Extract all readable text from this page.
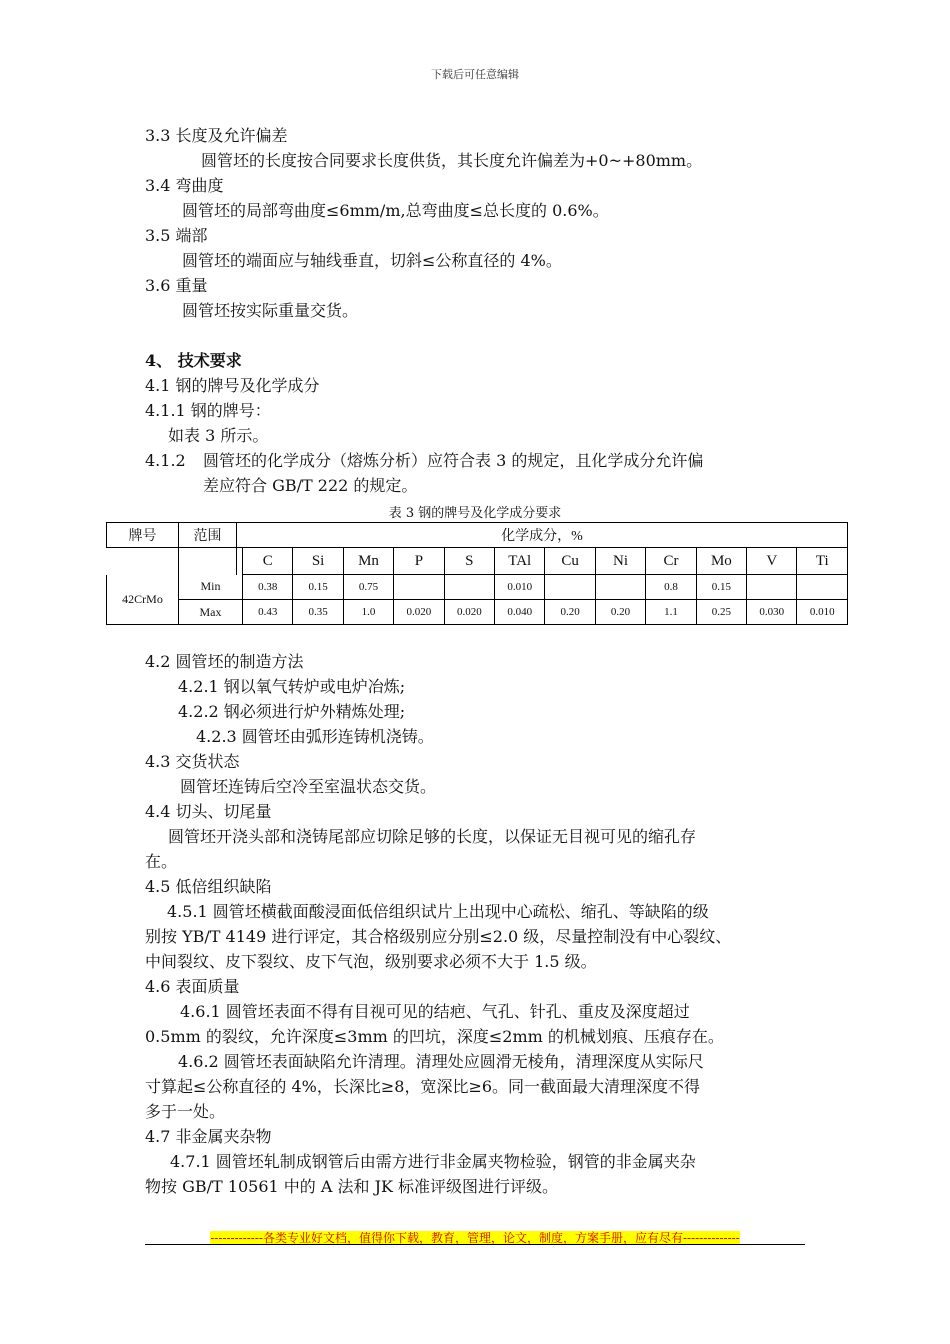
下载后可任意编辑
3.3 长度及允许偏差
圆管坯的长度按合同要求长度供货，其长度允许偏差为+0~+80mm。
3.4 弯曲度
圆管坯的局部弯曲度≤6mm/m,总弯曲度≤总长度的 0.6%。
3.5 端部
圆管坯的端面应与轴线垂直，切斜≤公称直径的 4%。
3.6 重量
圆管坯按实际重量交货。
4、 技术要求
4.1 钢的牌号及化学成分
4.1.1 钢的牌号：
如表 3 所示。
4.1.2 圆管坯的化学成分（熔炼分析）应符合表 3 的规定，且化学成分允许偏
差应符合 GB/T 222 的规定。
表 3 钢的牌号及化学成分要求
牌号	范围	化学成分，%												
			C	Si	Mn	P	S	TAl	Cu	Ni	Cr	Mo	V	Ti
42CrMo	Min		0.38	0.15	0.75			0.010			0.8	0.15		
	Max		0.43	0.35	1.0	0.020	0.020	0.040	0.20	0.20	1.1	0.25	0.030	0.010
4.2 圆管坯的制造方法
4.2.1 钢以氧气转炉或电炉冶炼;
4.2.2 钢必须进行炉外精炼处理;
4.2.3 圆管坯由弧形连铸机浇铸。
4.3 交货状态
圆管坯连铸后空冷至室温状态交货。
4.4 切头、切尾量
圆管坯开浇头部和浇铸尾部应切除足够的长度，以保证无目视可见的缩孔存
在。
4.5 低倍组织缺陷
4.5.1 圆管坯横截面酸浸面低倍组织试片上出现中心疏松、缩孔、等缺陷的级
别按 YB/T 4149 进行评定，其合格级别应分别≤2.0 级，尽量控制没有中心裂纹、
中间裂纹、皮下裂纹、皮下气泡，级别要求必须不大于 1.5 级。
4.6 表面质量
4.6.1 圆管坯表面不得有目视可见的结疤、气孔、针孔、重皮及深度超过
0.5mm 的裂纹，允许深度≤3mm 的凹坑，深度≤2mm 的机械划痕、压痕存在。
4.6.2 圆管坯表面缺陷允许清理。清理处应圆滑无棱角，清理深度从实际尺
寸算起≤公称直径的 4%，长深比≥8，宽深比≥6。同一截面最大清理深度不得
多于一处。
4.7 非金属夹杂物
4.7.1 圆管坯轧制成钢管后由需方进行非金属夹物检验，钢管的非金属夹杂
物按 GB/T 10561 中的 A 法和 JK 标准评级图进行评级。
-------------各类专业好文档，值得你下载，教育，管理，论文，制度，方案手册，应有尽有--------------
